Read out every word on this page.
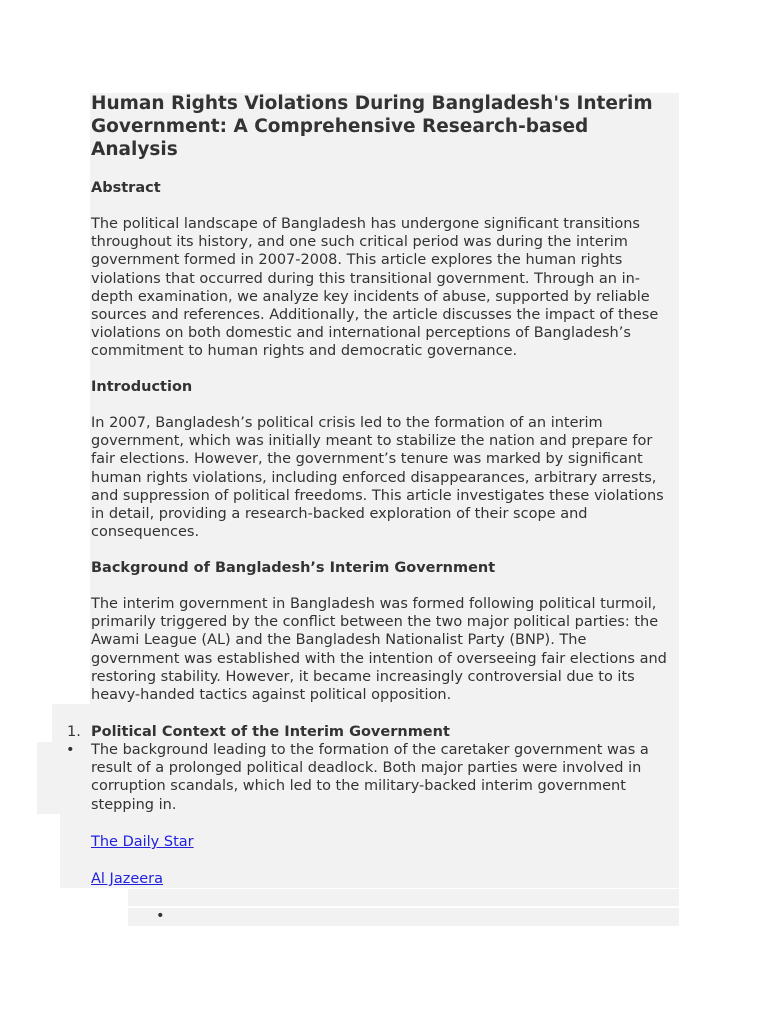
Human Rights Violations During Bangladesh's Interim Government: A Comprehensive Research-based Analysis
Abstract

The political landscape of Bangladesh has undergone significant transitions throughout its history, and one such critical period was during the interim government formed in 2007-2008. This article explores the human rights violations that occurred during this transitional government. Through an in-depth examination, we analyze key incidents of abuse, supported by reliable sources and references. Additionally, the article discusses the impact of these violations on both domestic and international perceptions of Bangladesh’s commitment to human rights and democratic governance.

Introduction

In 2007, Bangladesh’s political crisis led to the formation of an interim government, which was initially meant to stabilize the nation and prepare for fair elections. However, the government’s tenure was marked by significant human rights violations, including enforced disappearances, arbitrary arrests, and suppression of political freedoms. This article investigates these violations in detail, providing a research-backed exploration of their scope and consequences.

Background of Bangladesh’s Interim Government

The interim government in Bangladesh was formed following political turmoil, primarily triggered by the conflict between the two major political parties: the Awami League (AL) and the Bangladesh Nationalist Party (BNP). The government was established with the intention of overseeing fair elections and restoring stability. However, it became increasingly controversial due to its heavy-handed tactics against political opposition.

1. Political Context of the Interim Government
• The background leading to the formation of the caretaker government was a result of a prolonged political deadlock. Both major parties were involved in corruption scandals, which led to the military-backed interim government stepping in.

The Daily Star
Al Jazeera
•
